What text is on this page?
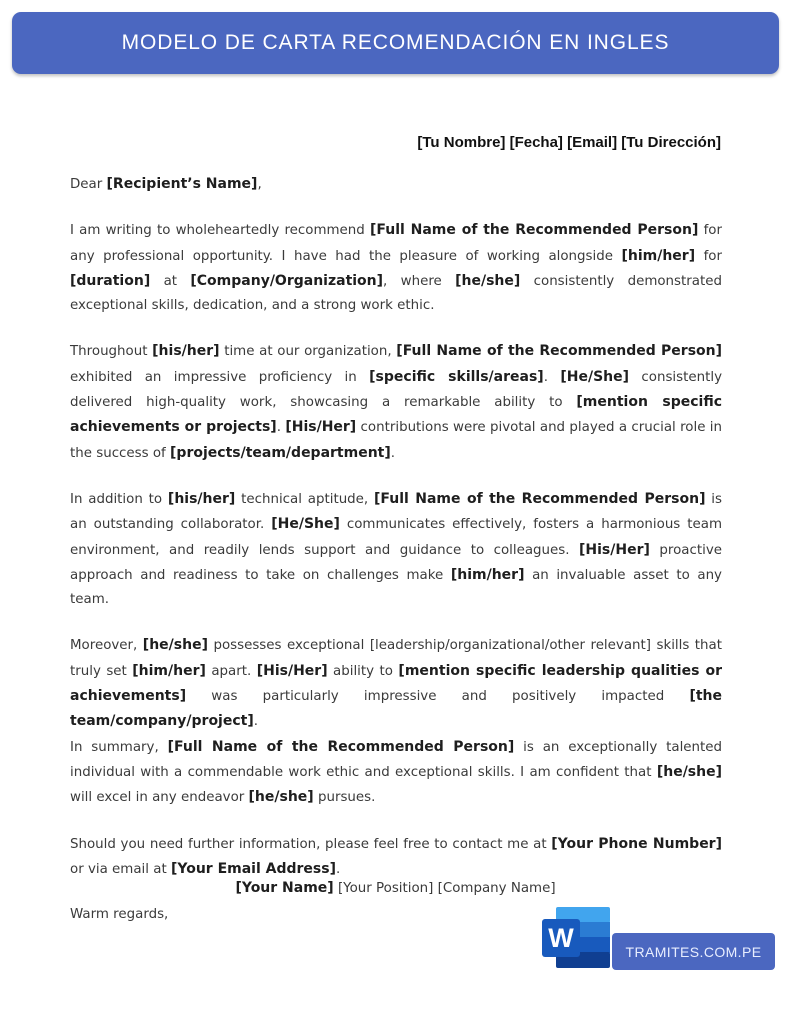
MODELO DE CARTA RECOMENDACIÓN EN INGLES
[Tu Nombre] [Fecha] [Email] [Tu Dirección]

Dear [Recipient’s Name],

I am writing to wholeheartedly recommend [Full Name of the Recommended Person] for any professional opportunity. I have had the pleasure of working alongside [him/her] for [duration] at [Company/Organization], where [he/she] consistently demonstrated exceptional skills, dedication, and a strong work ethic.

Throughout [his/her] time at our organization, [Full Name of the Recommended Person] exhibited an impressive proficiency in [specific skills/areas]. [He/She] consistently delivered high-quality work, showcasing a remarkable ability to [mention specific achievements or projects]. [His/Her] contributions were pivotal and played a crucial role in the success of [projects/team/department].

In addition to [his/her] technical aptitude, [Full Name of the Recommended Person] is an outstanding collaborator. [He/She] communicates effectively, fosters a harmonious team environment, and readily lends support and guidance to colleagues. [His/Her] proactive approach and readiness to take on challenges make [him/her] an invaluable asset to any team.

Moreover, [he/she] possesses exceptional [leadership/organizational/other relevant] skills that truly set [him/her] apart. [His/Her] ability to [mention specific leadership qualities or achievements] was particularly impressive and positively impacted [the team/company/project].

In summary, [Full Name of the Recommended Person] is an exceptionally talented individual with a commendable work ethic and exceptional skills. I am confident that [he/she] will excel in any endeavor [he/she] pursues.

Should you need further information, please feel free to contact me at [Your Phone Number] or via email at [Your Email Address].

Warm regards,

[Your Name] [Your Position] [Company Name]
W	TRAMITES.COM.PE
